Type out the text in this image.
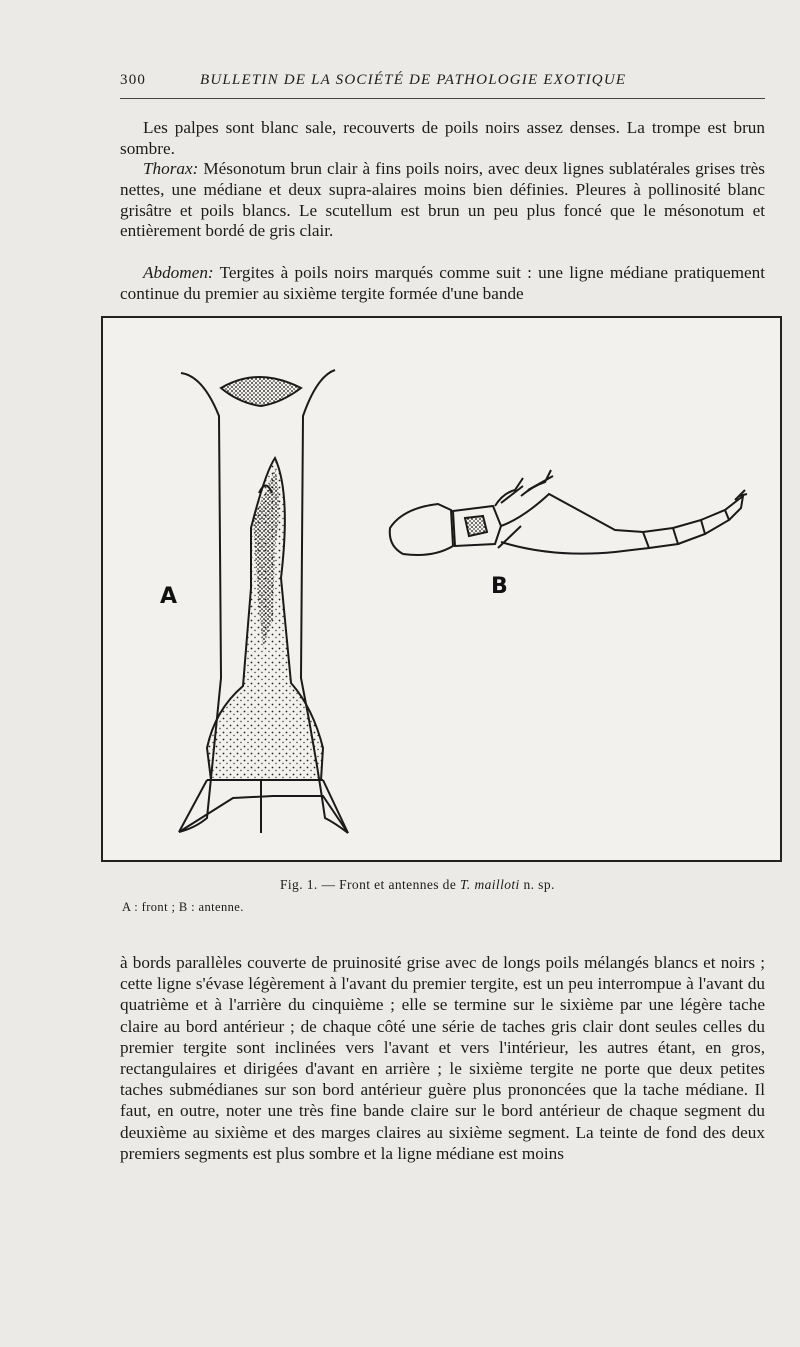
300	BULLETIN DE LA SOCIÉTÉ DE PATHOLOGIE EXOTIQUE

Les palpes sont blanc sale, recouverts de poils noirs assez denses. La trompe est brun sombre.

Thorax: Mésonotum brun clair à fins poils noirs, avec deux lignes sublatérales grises très nettes, une médiane et deux supra-alaires moins bien définies. Pleures à pollinosité blanc grisâtre et poils blancs. Le scutellum est brun un peu plus foncé que le mésonotum et entièrement bordé de gris clair.

Abdomen: Tergites à poils noirs marqués comme suit : une ligne médiane pratiquement continue du premier au sixième tergite formée d'une bande

A	B
Fig. 1. — Front et antennes de T. mailloti n. sp.
A : front ; B : antenne.

à bords parallèles couverte de pruinosité grise avec de longs poils mélangés blancs et noirs ; cette ligne s'évase légèrement à l'avant du premier tergite, est un peu interrompue à l'avant du quatrième et à l'arrière du cinquième ; elle se termine sur le sixième par une légère tache claire au bord antérieur ; de chaque côté une série de taches gris clair dont seules celles du premier tergite sont inclinées vers l'avant et vers l'intérieur, les autres étant, en gros, rectangulaires et dirigées d'avant en arrière ; le sixième tergite ne porte que deux petites taches submédianes sur son bord antérieur guère plus prononcées que la tache médiane. Il faut, en outre, noter une très fine bande claire sur le bord antérieur de chaque segment du deuxième au sixième et des marges claires au sixième segment. La teinte de fond des deux premiers segments est plus sombre et la ligne médiane est moins
